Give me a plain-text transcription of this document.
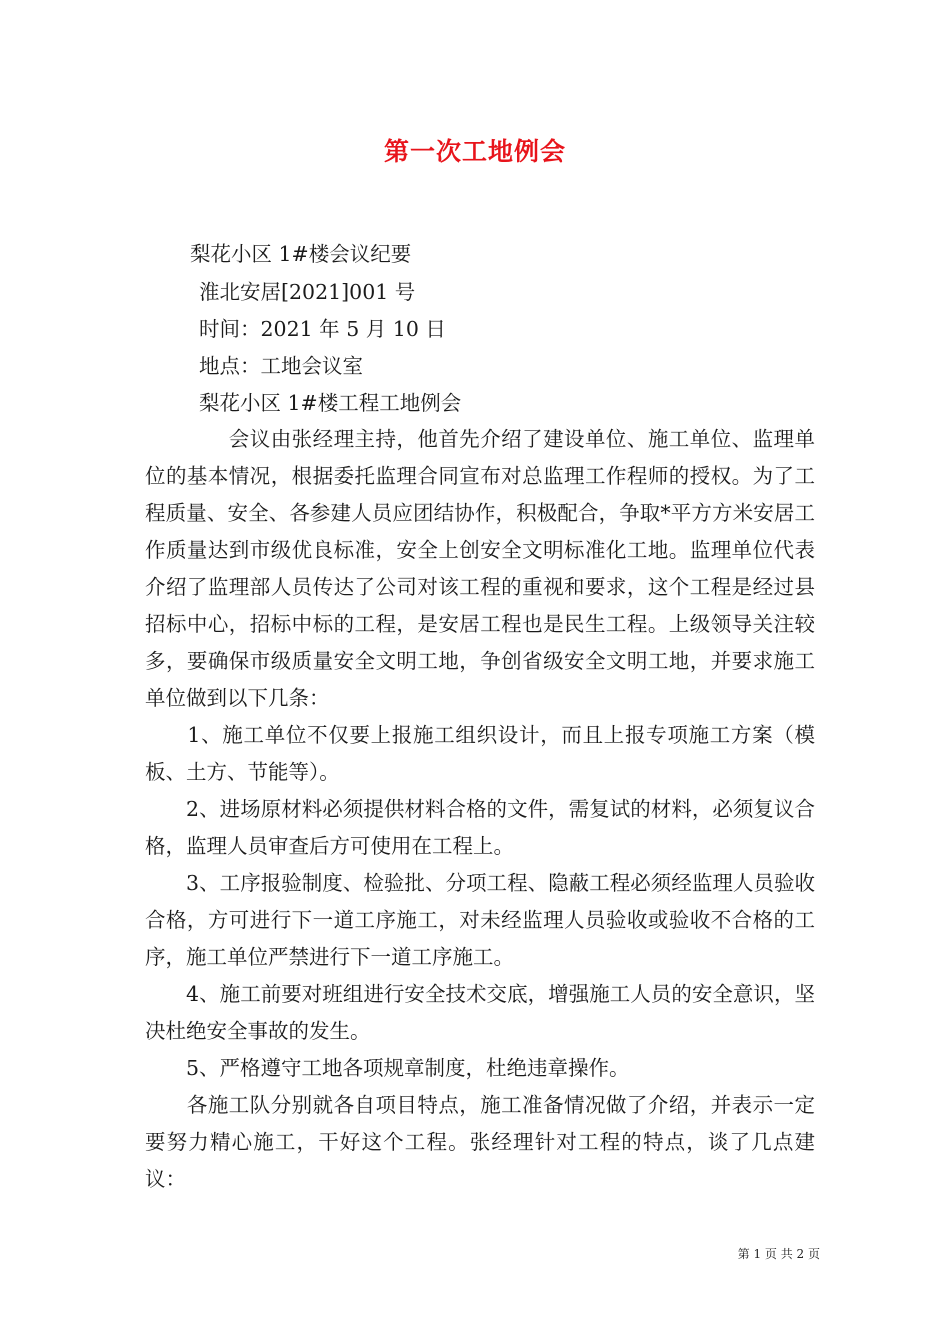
第一次工地例会

梨花小区 1#楼会议纪要

淮北安居[2021]001 号

时间：2021 年 5 月 10 日

地点：工地会议室

梨花小区 1#楼工程工地例会

　　　　会议由张经理主持，他首先介绍了建设单位、施工单位、监理单位的基本情况，根据委托监理合同宣布对总监理工作程师的授权。为了工程质量、安全、各参建人员应团结协作，积极配合，争取*平方方米安居工作质量达到市级优良标准，安全上创安全文明标准化工地。监理单位代表介绍了监理部人员传达了公司对该工程的重视和要求，这个工程是经过县招标中心，招标中标的工程，是安居工程也是民生工程。上级领导关注较多，要确保市级质量安全文明工地，争创省级安全文明工地，并要求施工单位做到以下几条：

　　1、施工单位不仅要上报施工组织设计，而且上报专项施工方案（模板、土方、节能等）。

　　2、进场原材料必须提供材料合格的文件，需复试的材料，必须复议合格，监理人员审查后方可使用在工程上。

　　3、工序报验制度、检验批、分项工程、隐蔽工程必须经监理人员验收合格，方可进行下一道工序施工，对未经监理人员验收或验收不合格的工序，施工单位严禁进行下一道工序施工。

　　4、施工前要对班组进行安全技术交底，增强施工人员的安全意识，坚决杜绝安全事故的发生。

　　5、严格遵守工地各项规章制度，杜绝违章操作。

　　各施工队分别就各自项目特点，施工准备情况做了介绍，并表示一定要努力精心施工，干好这个工程。张经理针对工程的特点，谈了几点建议：

第 1 页 共 2 页
